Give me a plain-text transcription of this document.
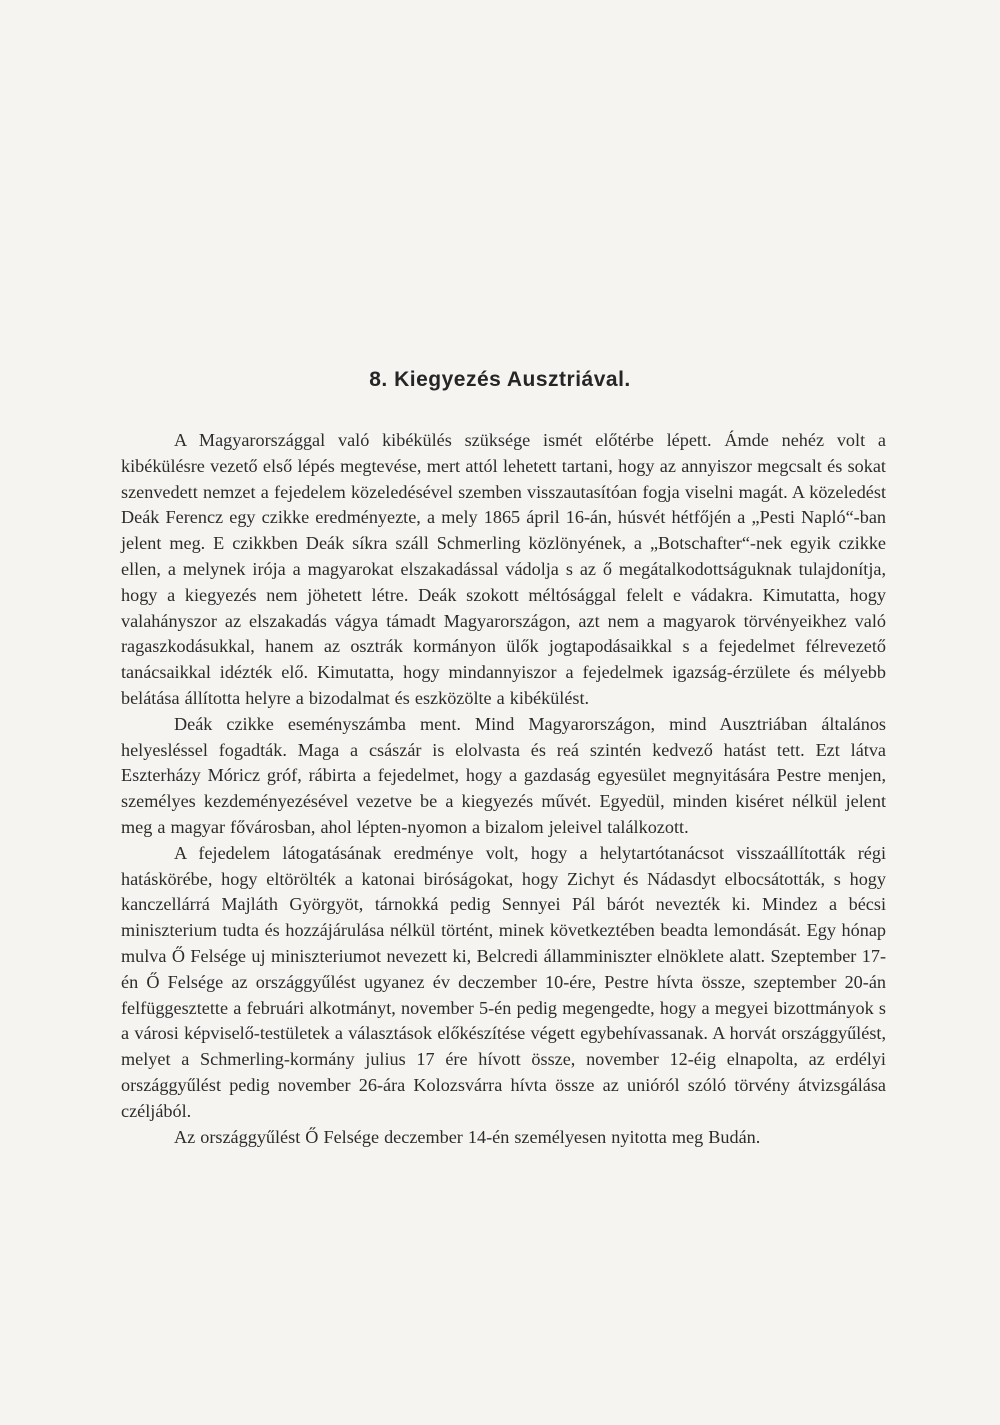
8. Kiegyezés Ausztriával.

A Magyarországgal való kibékülés szüksége ismét előtérbe lépett. Ámde nehéz volt a kibékülésre vezető első lépés megtevése, mert attól lehetett tartani, hogy az annyiszor megcsalt és sokat szenvedett nemzet a fejedelem közeledésével szemben visszautasítóan fogja viselni magát. A közeledést Deák Ferencz egy czikke eredményezte, a mely 1865 ápril 16-án, húsvét hétfőjén a „Pesti Napló“-ban jelent meg. E czikkben Deák síkra száll Schmerling közlönyének, a „Botschafter“-nek egyik czikke ellen, a melynek irója a magyarokat elszakadással vádolja s az ő megátalkodottságuknak tulajdonítja, hogy a kiegyezés nem jöhetett létre. Deák szokott méltósággal felelt e vádakra. Kimutatta, hogy valahányszor az elszakadás vágya támadt Magyarországon, azt nem a magyarok törvényeikhez való ragaszkodásukkal, hanem az osztrák kormányon ülők jogtapodásaikkal s a fejedelmet félrevezető tanácsaikkal idézték elő. Kimutatta, hogy mindannyiszor a fejedelmek igazság-érzülete és mélyebb belátása állította helyre a bizodalmat és eszközölte a kibékülést.

Deák czikke eseményszámba ment. Mind Magyarországon, mind Ausztriában általános helyesléssel fogadták. Maga a császár is elolvasta és reá szintén kedvező hatást tett. Ezt látva Eszterházy Móricz gróf, rábirta a fejedelmet, hogy a gazdaság egyesület megnyitására Pestre menjen, személyes kezdeményezésével vezetve be a kiegyezés művét. Egyedül, minden kiséret nélkül jelent meg a magyar fővárosban, ahol lépten-nyomon a bizalom jeleivel találkozott.

A fejedelem látogatásának eredménye volt, hogy a helytartótanácsot visszaállították régi hatáskörébe, hogy eltörölték a katonai biróságokat, hogy Zichyt és Nádasdyt elbocsátották, s hogy kanczellárrá Majláth Györgyöt, tárnokká pedig Sennyei Pál bárót nevezték ki. Mindez a bécsi miniszterium tudta és hozzájárulása nélkül történt, minek következtében beadta lemondását. Egy hónap mulva Ő Felsége uj miniszteriumot nevezett ki, Belcredi államminiszter elnöklete alatt. Szeptember 17-én Ő Felsége az országgyűlést ugyanez év deczember 10-ére, Pestre hívta össze, szeptember 20-án felfüggesztette a februári alkotmányt, november 5-én pedig megengedte, hogy a megyei bizottmányok s a városi képviselő-testületek a választások előkészítése végett egybehívassanak. A horvát országgyűlést, melyet a Schmerling-kormány julius 17 ére hívott össze, november 12-éig elnapolta, az erdélyi országgyűlést pedig november 26-ára Kolozsvárra hívta össze az unióról szóló törvény átvizsgálása czéljából.

Az országgyűlést Ő Felsége deczember 14-én személyesen nyitotta meg Budán.
